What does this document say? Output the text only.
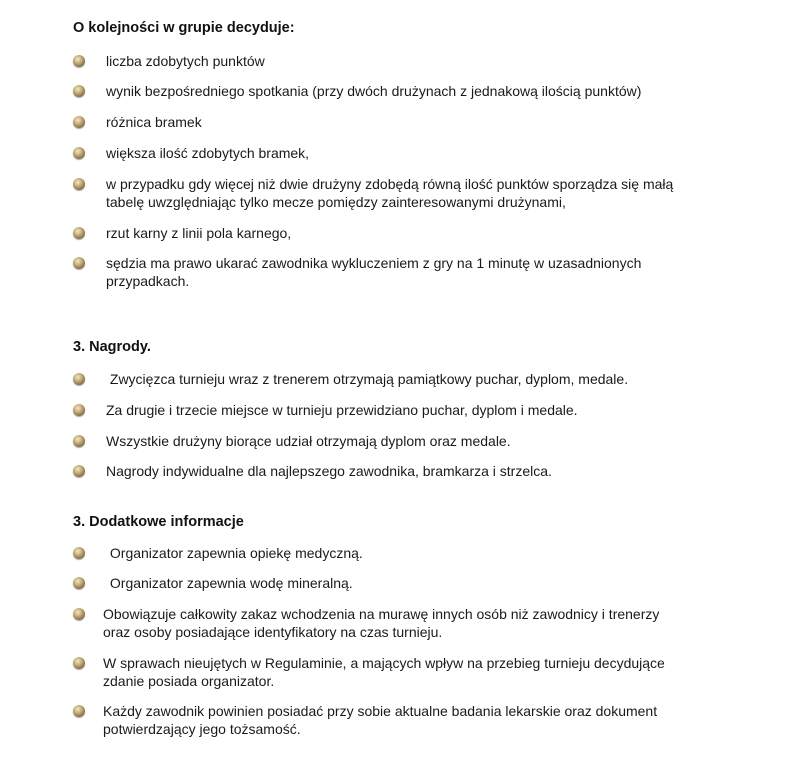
O kolejności w grupie decyduje:
liczba zdobytych punktów
wynik bezpośredniego spotkania (przy dwóch drużynach z jednakową ilością punktów)
różnica bramek
większa ilość zdobytych bramek,
w przypadku gdy więcej niż dwie drużyny zdobędą równą ilość punktów sporządza się małą
tabelę uwzględniając tylko mecze pomiędzy zainteresowanymi drużynami,
rzut karny z linii pola karnego,
sędzia ma prawo ukarać zawodnika wykluczeniem z gry na 1 minutę w uzasadnionych
przypadkach.
3. Nagrody.
Zwycięzca turnieju wraz z trenerem otrzymają pamiątkowy puchar, dyplom, medale.
Za drugie i trzecie miejsce w turnieju przewidziano puchar, dyplom i medale.
Wszystkie drużyny biorące udział otrzymają dyplom oraz medale.
Nagrody indywidualne dla najlepszego zawodnika, bramkarza i strzelca.
3. Dodatkowe informacje
Organizator zapewnia opiekę medyczną.
Organizator zapewnia wodę mineralną.
Obowiązuje całkowity zakaz wchodzenia na murawę innych osób niż zawodnicy i trenerzy
oraz osoby posiadające identyfikatory na czas turnieju.
W sprawach nieujętych w Regulaminie, a mających wpływ na przebieg turnieju decydujące
zdanie posiada organizator.
Każdy zawodnik powinien posiadać przy sobie aktualne badania lekarskie oraz dokument
potwierdzający jego tożsamość.
